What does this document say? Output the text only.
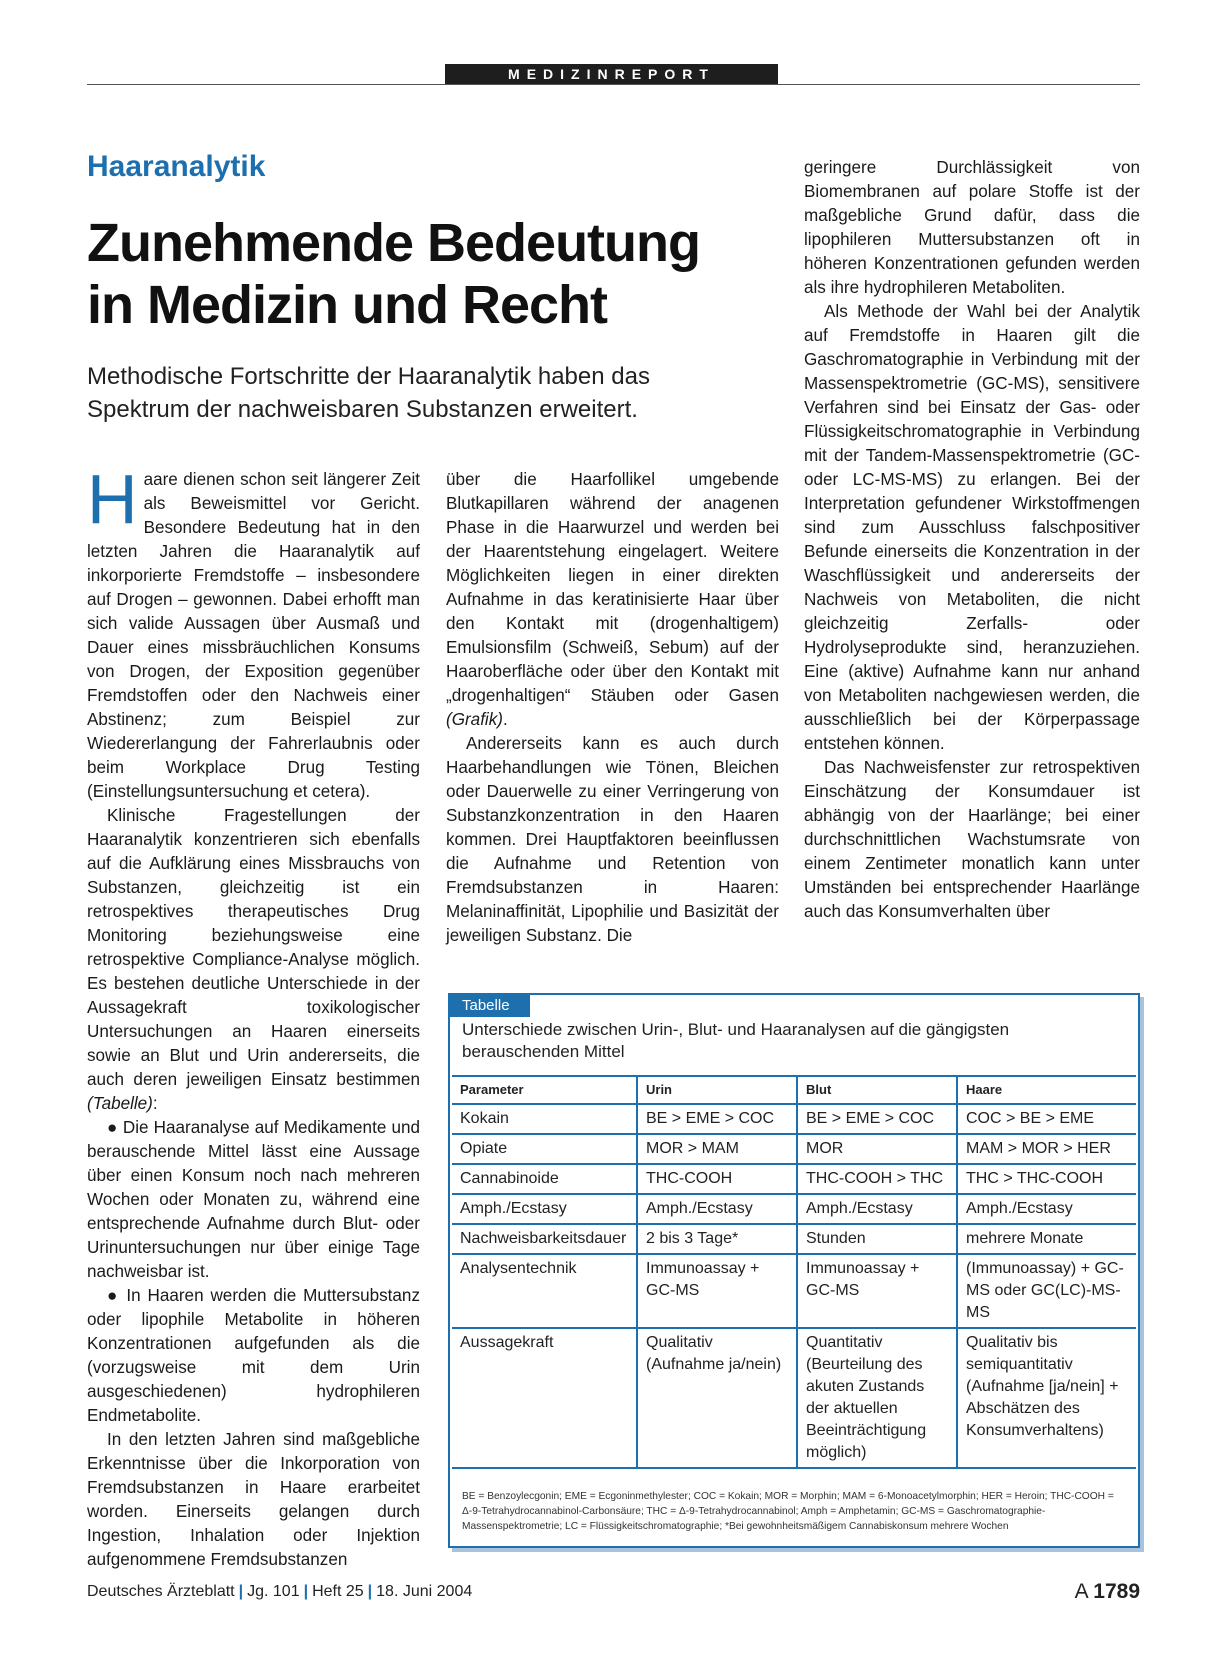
MEDIZINREPORT
Haaranalytik
Zunehmende Bedeutung
in Medizin und Recht
Methodische Fortschritte der Haaranalytik haben das Spektrum der nachweisbaren Substanzen erweitert.

Haare dienen schon seit längerer Zeit als Beweismittel vor Gericht. Besondere Bedeutung hat in den letzten Jahren die Haaranalytik auf inkorporierte Fremdstoffe – insbesondere auf Drogen – gewonnen. Dabei erhofft man sich valide Aussagen über Ausmaß und Dauer eines missbräuchlichen Konsums von Drogen, der Exposition gegenüber Fremdstoffen oder den Nachweis einer Abstinenz; zum Beispiel zur Wiedererlangung der Fahrerlaubnis oder beim Workplace Drug Testing (Einstellungsuntersuchung et cetera).

Klinische Fragestellungen der Haaranalytik konzentrieren sich ebenfalls auf die Aufklärung eines Missbrauchs von Substanzen, gleichzeitig ist ein retrospektives therapeutisches Drug Monitoring beziehungsweise eine retrospektive Compliance-Analyse möglich. Es bestehen deutliche Unterschiede in der Aussagekraft toxikologischer Untersuchungen an Haaren einerseits sowie an Blut und Urin andererseits, die auch deren jeweiligen Einsatz bestimmen (Tabelle):

● Die Haaranalyse auf Medikamente und berauschende Mittel lässt eine Aussage über einen Konsum noch nach mehreren Wochen oder Monaten zu, während eine entsprechende Aufnahme durch Blut- oder Urinuntersuchungen nur über einige Tage nachweisbar ist.

● In Haaren werden die Muttersubstanz oder lipophile Metabolite in höheren Konzentrationen aufgefunden als die (vorzugsweise mit dem Urin ausgeschiedenen) hydrophileren Endmetabolite.

In den letzten Jahren sind maßgebliche Erkenntnisse über die Inkorporation von Fremdsubstanzen in Haare erarbeitet worden. Einerseits gelangen durch Ingestion, Inhalation oder Injektion aufgenommene Fremdsubstanzen

über die Haarfollikel umgebende Blutkapillaren während der anagenen Phase in die Haarwurzel und werden bei der Haarentstehung eingelagert. Weitere Möglichkeiten liegen in einer direkten Aufnahme in das keratinisierte Haar über den Kontakt mit (drogenhaltigem) Emulsionsfilm (Schweiß, Sebum) auf der Haaroberfläche oder über den Kontakt mit „drogenhaltigen“ Stäuben oder Gasen (Grafik).

Andererseits kann es auch durch Haarbehandlungen wie Tönen, Bleichen oder Dauerwelle zu einer Verringerung von Substanzkonzentration in den Haaren kommen. Drei Hauptfaktoren beeinflussen die Aufnahme und Retention von Fremdsubstanzen in Haaren: Melaninaffinität, Lipophilie und Basizität der jeweiligen Substanz. Die

geringere Durchlässigkeit von Biomembranen auf polare Stoffe ist der maßgebliche Grund dafür, dass die lipophileren Muttersubstanzen oft in höheren Konzentrationen gefunden werden als ihre hydrophileren Metaboliten.

Als Methode der Wahl bei der Analytik auf Fremdstoffe in Haaren gilt die Gaschromatographie in Verbindung mit der Massenspektrometrie (GC-MS), sensitivere Verfahren sind bei Einsatz der Gas- oder Flüssigkeitschromatographie in Verbindung mit der Tandem-Massenspektrometrie (GC- oder LC-MS-MS) zu erlangen. Bei der Interpretation gefundener Wirkstoffmengen sind zum Ausschluss falschpositiver Befunde einerseits die Konzentration in der Waschflüssigkeit und andererseits der Nachweis von Metaboliten, die nicht gleichzeitig Zerfalls- oder Hydrolyseprodukte sind, heranzuziehen. Eine (aktive) Aufnahme kann nur anhand von Metaboliten nachgewiesen werden, die ausschließlich bei der Körperpassage entstehen können.

Das Nachweisfenster zur retrospektiven Einschätzung der Konsumdauer ist abhängig von der Haarlänge; bei einer durchschnittlichen Wachstumsrate von einem Zentimeter monatlich kann unter Umständen bei entsprechender Haarlänge auch das Konsumverhalten über

Tabelle
Unterschiede zwischen Urin-, Blut- und Haaranalysen auf die gängigsten berauschenden Mittel
Parameter	Urin	Blut	Haare
Kokain	BE > EME > COC	BE > EME > COC	COC > BE > EME
Opiate	MOR > MAM	MOR	MAM > MOR > HER
Cannabinoide	THC-COOH	THC-COOH > THC	THC > THC-COOH
Amph./Ecstasy	Amph./Ecstasy	Amph./Ecstasy	Amph./Ecstasy
Nachweisbarkeitsdauer	2 bis 3 Tage*	Stunden	mehrere Monate
Analysentechnik	Immunoassay + GC-MS	Immunoassay + GC-MS	(Immunoassay) + GC-MS oder GC(LC)-MS-MS
Aussagekraft	Qualitativ (Aufnahme ja/nein)	Quantitativ (Beurteilung des akuten Zustands der aktuellen Beeinträchtigung möglich)	Qualitativ bis semiquantitativ (Aufnahme [ja/nein] + Abschätzen des Konsumverhaltens)
BE = Benzoylecgonin; EME = Ecgoninmethylester; COC = Kokain; MOR = Morphin; MAM = 6-Monoacetylmorphin; HER = Heroin; THC-COOH = Δ-9-Tetrahydrocannabinol-Carbonsäure; THC = Δ-9-Tetrahydrocannabinol; Amph = Amphetamin; GC-MS = Gaschromatographie-Massenspektrometrie; LC = Flüssigkeitschromatographie; *Bei gewohnheitsmäßigem Cannabiskonsum mehrere Wochen
Deutsches Ärzteblatt | Jg. 101 | Heft 25 | 18. Juni 2004	A 1789
